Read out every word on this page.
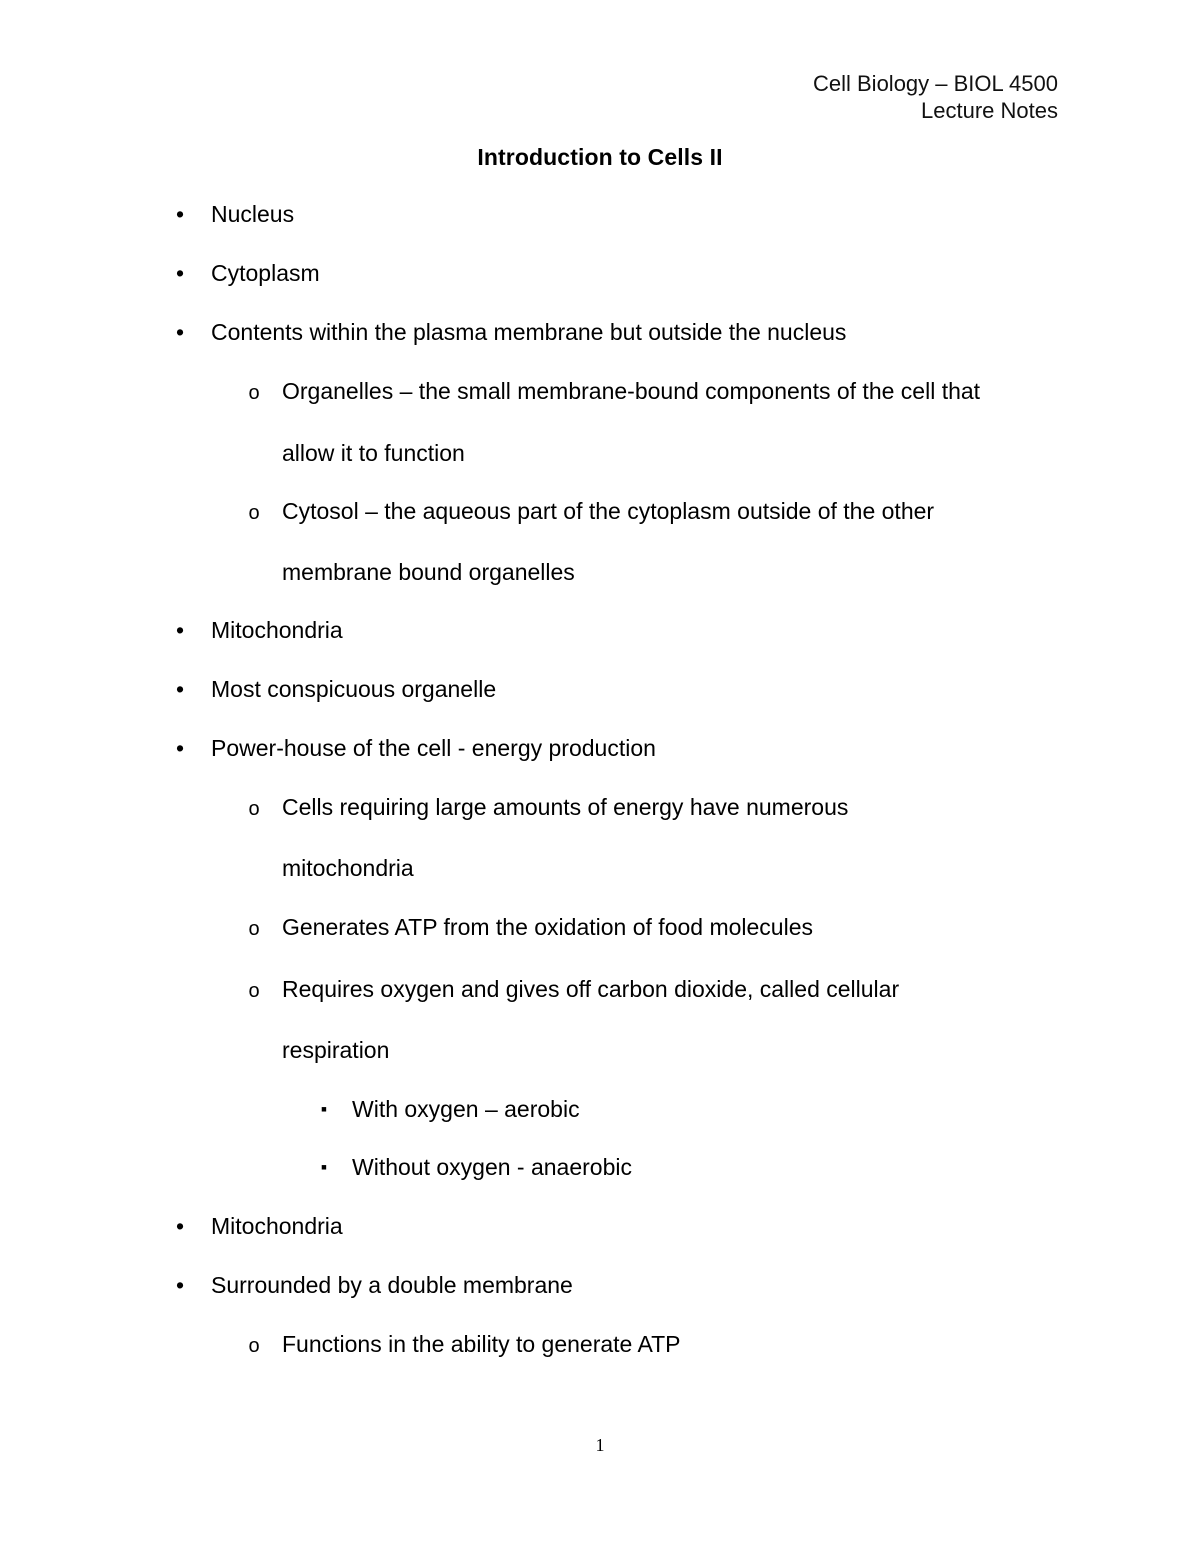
Cell Biology – BIOL 4500
Lecture Notes
Introduction to Cells II
• Nucleus
• Cytoplasm
• Contents within the plasma membrane but outside the nucleus
o Organelles – the small membrane-bound components of the cell that
allow it to function
o Cytosol – the aqueous part of the cytoplasm outside of the other
membrane bound organelles
• Mitochondria
• Most conspicuous organelle
• Power-house of the cell - energy production
o Cells requiring large amounts of energy have numerous
mitochondria
o Generates ATP from the oxidation of food molecules
o Requires oxygen and gives off carbon dioxide, called cellular
respiration
▪ With oxygen – aerobic
▪ Without oxygen - anaerobic
• Mitochondria
• Surrounded by a double membrane
o Functions in the ability to generate ATP
1
